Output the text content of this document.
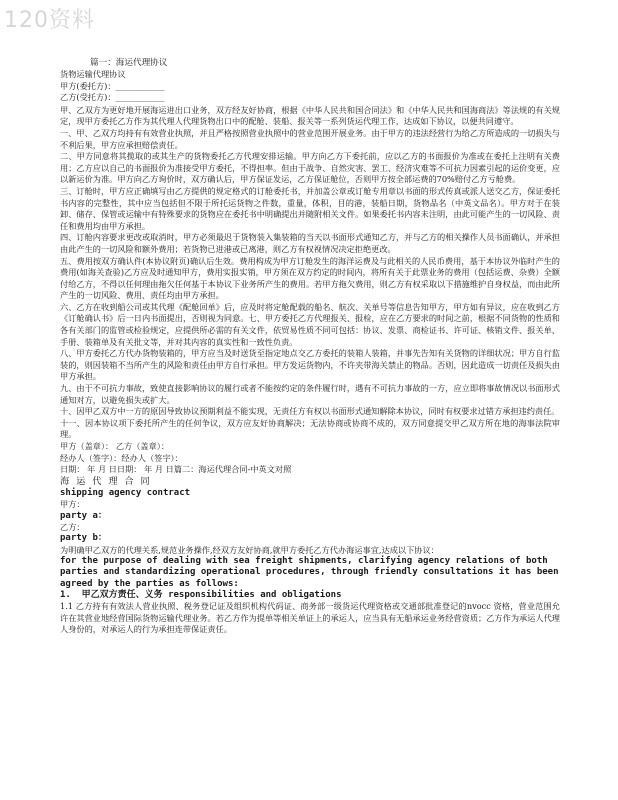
120资料

篇一：海运代理协议

货物运输代理协议

甲方(委托方)：____________

乙方(受托方)：____________

甲、乙双方为更好地开展海运进出口业务，双方经友好协商，根据《中华人民共和国合同法》和《中华人民共和国海商法》等法规的有关规定，现甲方委托乙方作为其代理人代理货物出口中的配舱、装船、报关等一系列货运代理工作，达成如下协议，以便共同遵守。

一、甲、乙双方均持有有效营业执照，并且严格按照营业执照中的营业范围开展业务。由于甲方的违法经营行为给乙方所造成的一切损失与不利后果，甲方应承担赔偿责任。

二、甲方同意将其揽取的或其生产的货物委托乙方代理安排运输。甲方向乙方下委托前，应以乙方的书面报价为准或在委托上注明有关费用；乙方应以自己的书面报价为准接受甲方委托，不得担率。但由于战争、自然灾害、罢工、经济灾难等不可抗力因素引起的运价变更，应以新运价为准。甲方向乙方询价时，双方确认后，甲方保证发运，乙方保证舱位，否则甲方按全部运费的70%赔付乙方亏舱费。

三、订舱时，甲方应正确填写由乙方提供的规定格式的订舱委托书，并加盖公章或订舱专用章以书面的形式传真或派人送交乙方，保证委托书内容的完整性，其中应当包括但不限于所托运货物之件数，重量，体积，目的港，装船日期，货物品名（中英文品名）。甲方对于在装卸、储存、保管或运输中有特殊要求的货物应在委托书中明确提出并随附相关文件。如果委托书内容未注明，由此可能产生的一切风险、责任和费用均由甲方承担。

四、订舱内容要求更改或取消时，甲方必须最迟于货物装入集装箱的当天以书面形式通知乙方，并与乙方的相关操作人员书面确认，并承担由此产生的一切风险和额外费用；若货物已进港或已离港，则乙方有权视情况决定拒绝更改。

五、费用按双方确认件(本协议附页)确认后生效。费用构成为甲方订舱发生的海洋运费及与此相关的人民币费用，基于本协议外临时产生的费用(如海关查验)乙方应及时通知甲方，费用实报实销，甲方须在双方约定的时间内，将所有关于此票业务的费用（包括运费、杂费）全额付给乙方，不得以任何理由拖欠任何基于本协议下业务所产生的费用。若甲方拖欠费用，则乙方有权采取以下措施维护自身权益，而由此所产生的一切风险、费用、责任均由甲方承担。

六、乙方在收到船公司或其代理《配舱回单》后，应及时将定舱配载的船名、航次、关单号等信息告知甲方，甲方如有异议，应在收到乙方《订舱确认书》后一日内书面提出，否则视为同意。七、甲方委托乙方代理报关、报检，应在乙方要求的时间之前，根据不同货物的性质和各有关部门的监管或检验规定，应提供所必需的有关文件，依贸易性质不同可包括：协议、发票、商检证书、许可证、核销文件、报关单、手册、装箱单及有关批文等，并对其内容的真实性和一致性负责。

八、甲方委托乙方代办货物装箱的，甲方应当及时送货至指定地点交乙方委托的装箱人装箱，并事先告知有关货物的详细状况；甲方自行监装的，则因装箱不当所产生的风险和责任由甲方自行承担。甲方发运货物内，不许夹带海关禁止的物品。否则，因此造成一切责任及损失由甲方承担。

九、由于不可抗力事故，致使直接影响协议的履行或者不能按约定的条件履行时，遇有不可抗力事故的一方，应立即将事故情况以书面形式通知对方，以避免损失或扩大。

十、因甲乙双方中一方的原因导致协议预期利益不能实现，无责任方有权以书面形式通知解除本协议，同时有权要求过错方承担违约责任。

十一、因本协议项下委托所产生的任何争议，双方应友好协商解决；无法协商或协商不成的，双方同意提交甲乙双方所在地的海事法院审理。

甲方（盖章）： 乙方（盖章）：

经办人（签字）：经办人（签字）：

日期： 年 月 日日期： 年 月 日篇二：海运代理合同-中英文对照

海 运 代 理 合 同

shipping agency contract

甲方：

party a：

乙方：

party b：

为明确甲乙双方的代理关系,规范业务操作,经双方友好协商,就甲方委托乙方代办海运事宜,达成以下协议：

for the purpose of dealing with sea freight shipments, clarifying agency relations of both parties and standardizing operational procedures, through friendly consultations it has been agreed by the parties as follows:

1.  甲乙双方责任、义务 responsibilities and obligations

1.1 乙方持有有效法人营业执照、税务登记证及组织机构代码证、商务部一级货运代理资格或交通部批准登记的nvocc 资格，营业范围允许在其营业地经营国际货物运输代理业务。若乙方作为提单等相关单证上的承运人，应当具有无船承运业务经营资质；乙方作为承运人代理人身份的，对承运人的行为承担连带保证责任。
